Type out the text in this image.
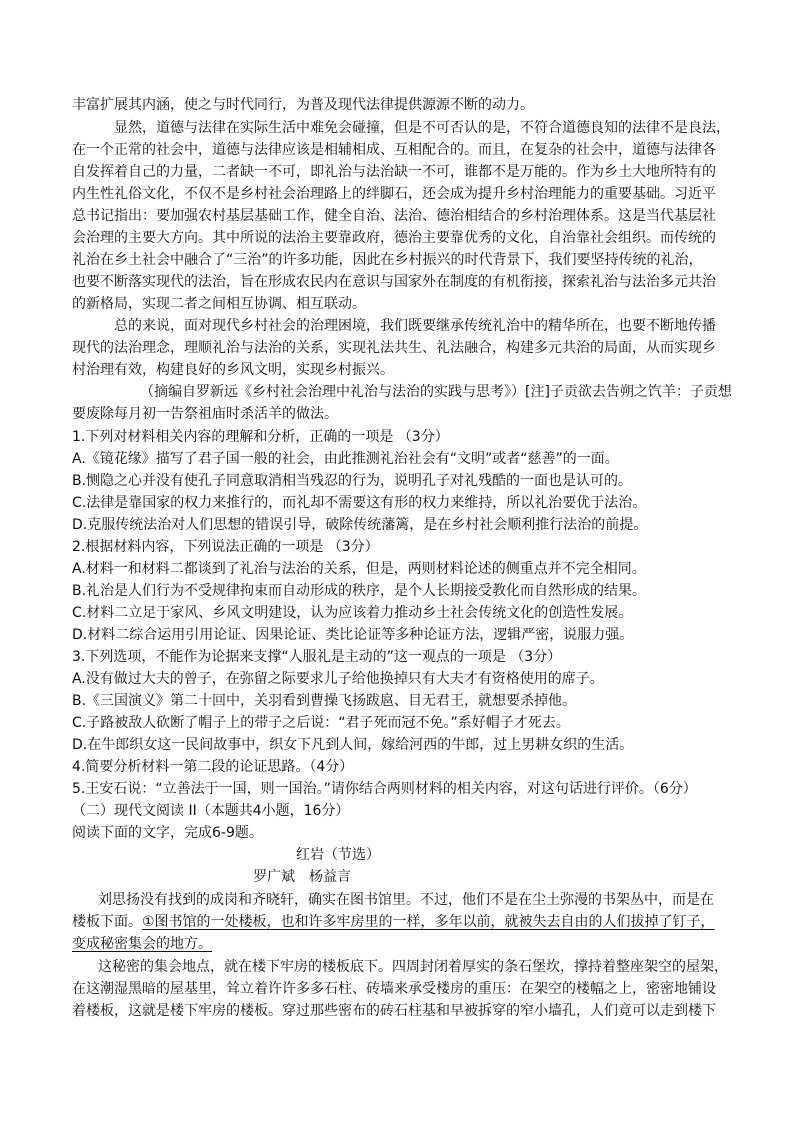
丰富扩展其内涵，使之与时代同行，为普及现代法律提供源源不断的动力。
显然，道德与法律在实际生活中难免会碰撞，但是不可否认的是，不符合道德良知的法律不是良法，
在一个正常的社会中，道德与法律应该是相辅相成、互相配合的。而且，在复杂的社会中，道德与法律各
自发挥着自己的力量，二者缺一不可，即礼治与法治缺一不可，谁都不是万能的。作为乡土大地所特有的
内生性礼俗文化，不仅不是乡村社会治理路上的绊脚石，还会成为提升乡村治理能力的重要基础。习近平
总书记指出：要加强农村基层基础工作，健全自治、法治、德治相结合的乡村治理体系。这是当代基层社
会治理的主要大方向。其中所说的法治主要靠政府，德治主要靠优秀的文化，自治靠社会组织。而传统的
礼治在乡土社会中融合了“三治”的许多功能，因此在乡村振兴的时代背景下，我们要坚持传统的礼治，
也要不断落实现代的法治，旨在形成农民内在意识与国家外在制度的有机衔接，探索礼治与法治多元共治
的新格局，实现二者之间相互协调、相互联动。
总的来说，面对现代乡村社会的治理困境，我们既要继承传统礼治中的精华所在，也要不断地传播
现代的法治理念，理顺礼治与法治的关系，实现礼法共生、礼法融合，构建多元共治的局面，从而实现乡
村治理有效，构建良好的乡风文明，实现乡村振兴。
（摘编自罗新远《乡村社会治理中礼治与法治的实践与思考》）[注]子贡欲去告朔之饩羊：子贡想
要废除每月初一告祭祖庙时杀活羊的做法。
1.下列对材料相关内容的理解和分析，正确的一项是 （3分）
A.《镜花缘》描写了君子国一般的社会，由此推测礼治社会有“文明”或者“慈善”的一面。
B.恻隐之心并没有使孔子同意取消相当残忍的行为，说明孔子对礼残酷的一面也是认可的。
C.法律是靠国家的权力来推行的，而礼却不需要这有形的权力来维持，所以礼治要优于法治。
D.克服传统法治对人们思想的错误引导，破除传统藩篱，是在乡村社会顺利推行法治的前提。
2.根据材料内容，下列说法正确的一项是 （3分）
A.材料一和材料二都谈到了礼治与法治的关系，但是，两则材料论述的侧重点并不完全相同。
B.礼治是人们行为不受规律拘束而自动形成的秩序，是个人长期接受教化而自然形成的结果。
C.材料二立足于家风、乡风文明建设，认为应该着力推动乡土社会传统文化的创造性发展。
D.材料二综合运用引用论证、因果论证、类比论证等多种论证方法，逻辑严密，说服力强。
3.下列选项，不能作为论据来支撑“人服礼是主动的”这一观点的一项是 （3分）
A.没有做过大夫的曾子，在弥留之际要求儿子给他换掉只有大夫才有资格使用的席子。
B.《三国演义》第二十回中，关羽看到曹操飞扬跋扈、目无君王，就想要杀掉他。
C.子路被敌人砍断了帽子上的带子之后说：“君子死而冠不免。”系好帽子才死去。
D.在牛郎织女这一民间故事中，织女下凡到人间，嫁给河西的牛郎，过上男耕女织的生活。
4.简要分析材料一第二段的论证思路。（4分）
5.王安石说：“立善法于一国，则一国治。”请你结合两则材料的相关内容，对这句话进行评价。（6分）
（二）现代文阅读 II（本题共4小题，16分）
阅读下面的文字，完成6-9题。
红岩（节选）
罗广斌　杨益言
刘思扬没有找到的成岗和齐晓轩，确实在图书馆里。不过，他们不是在尘土弥漫的书架丛中，而是在
楼板下面。①图书馆的一处楼板，也和许多牢房里的一样，多年以前，就被失去自由的人们拔掉了钉子，
变成秘密集会的地方。
这秘密的集会地点，就在楼下牢房的楼板底下。四周封闭着厚实的条石堡坎，撑持着整座架空的屋架，
在这潮湿黑暗的屋基里，耸立着许许多多石柱、砖墙来承受楼房的重压：在架空的楼幅之上，密密地铺设
着楼板，这就是楼下牢房的楼板。穿过那些密布的砖石柱基和早被拆穿的窄小墙孔，人们竟可以走到楼下
